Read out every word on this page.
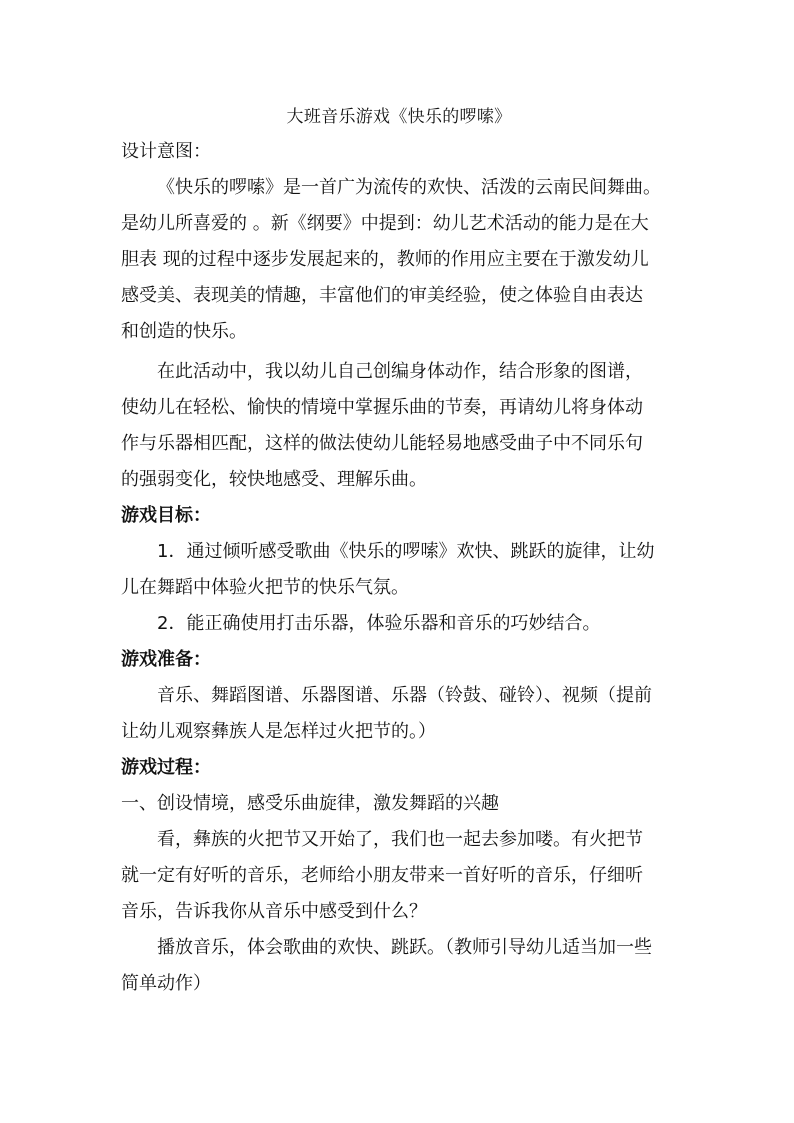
大班音乐游戏《快乐的啰嗦》
设计意图：

《快乐的啰嗦》是一首广为流传的欢快、活泼的云南民间舞曲。
是幼儿所喜爱的 。新《纲要》中提到：幼儿艺术活动的能力是在大
胆表 现的过程中逐步发展起来的，教师的作用应主要在于激发幼儿
感受美、表现美的情趣，丰富他们的审美经验，使之体验自由表达
和创造的快乐。

在此活动中，我以幼儿自己创编身体动作，结合形象的图谱，
使幼儿在轻松、愉快的情境中掌握乐曲的节奏，再请幼儿将身体动
作与乐器相匹配，这样的做法使幼儿能轻易地感受曲子中不同乐句
的强弱变化，较快地感受、理解乐曲。

游戏目标：

1．通过倾听感受歌曲《快乐的啰嗦》欢快、跳跃的旋律，让幼
儿在舞蹈中体验火把节的快乐气氛。

2．能正确使用打击乐器，体验乐器和音乐的巧妙结合。

游戏准备：

音乐、舞蹈图谱、乐器图谱、乐器（铃鼓、碰铃）、视频（提前
让幼儿观察彝族人是怎样过火把节的。）

游戏过程：
一、创设情境，感受乐曲旋律，激发舞蹈的兴趣

看，彝族的火把节又开始了，我们也一起去参加喽。有火把节
就一定有好听的音乐，老师给小朋友带来一首好听的音乐，仔细听
音乐，告诉我你从音乐中感受到什么？

播放音乐，体会歌曲的欢快、跳跃。（教师引导幼儿适当加一些
简单动作）
